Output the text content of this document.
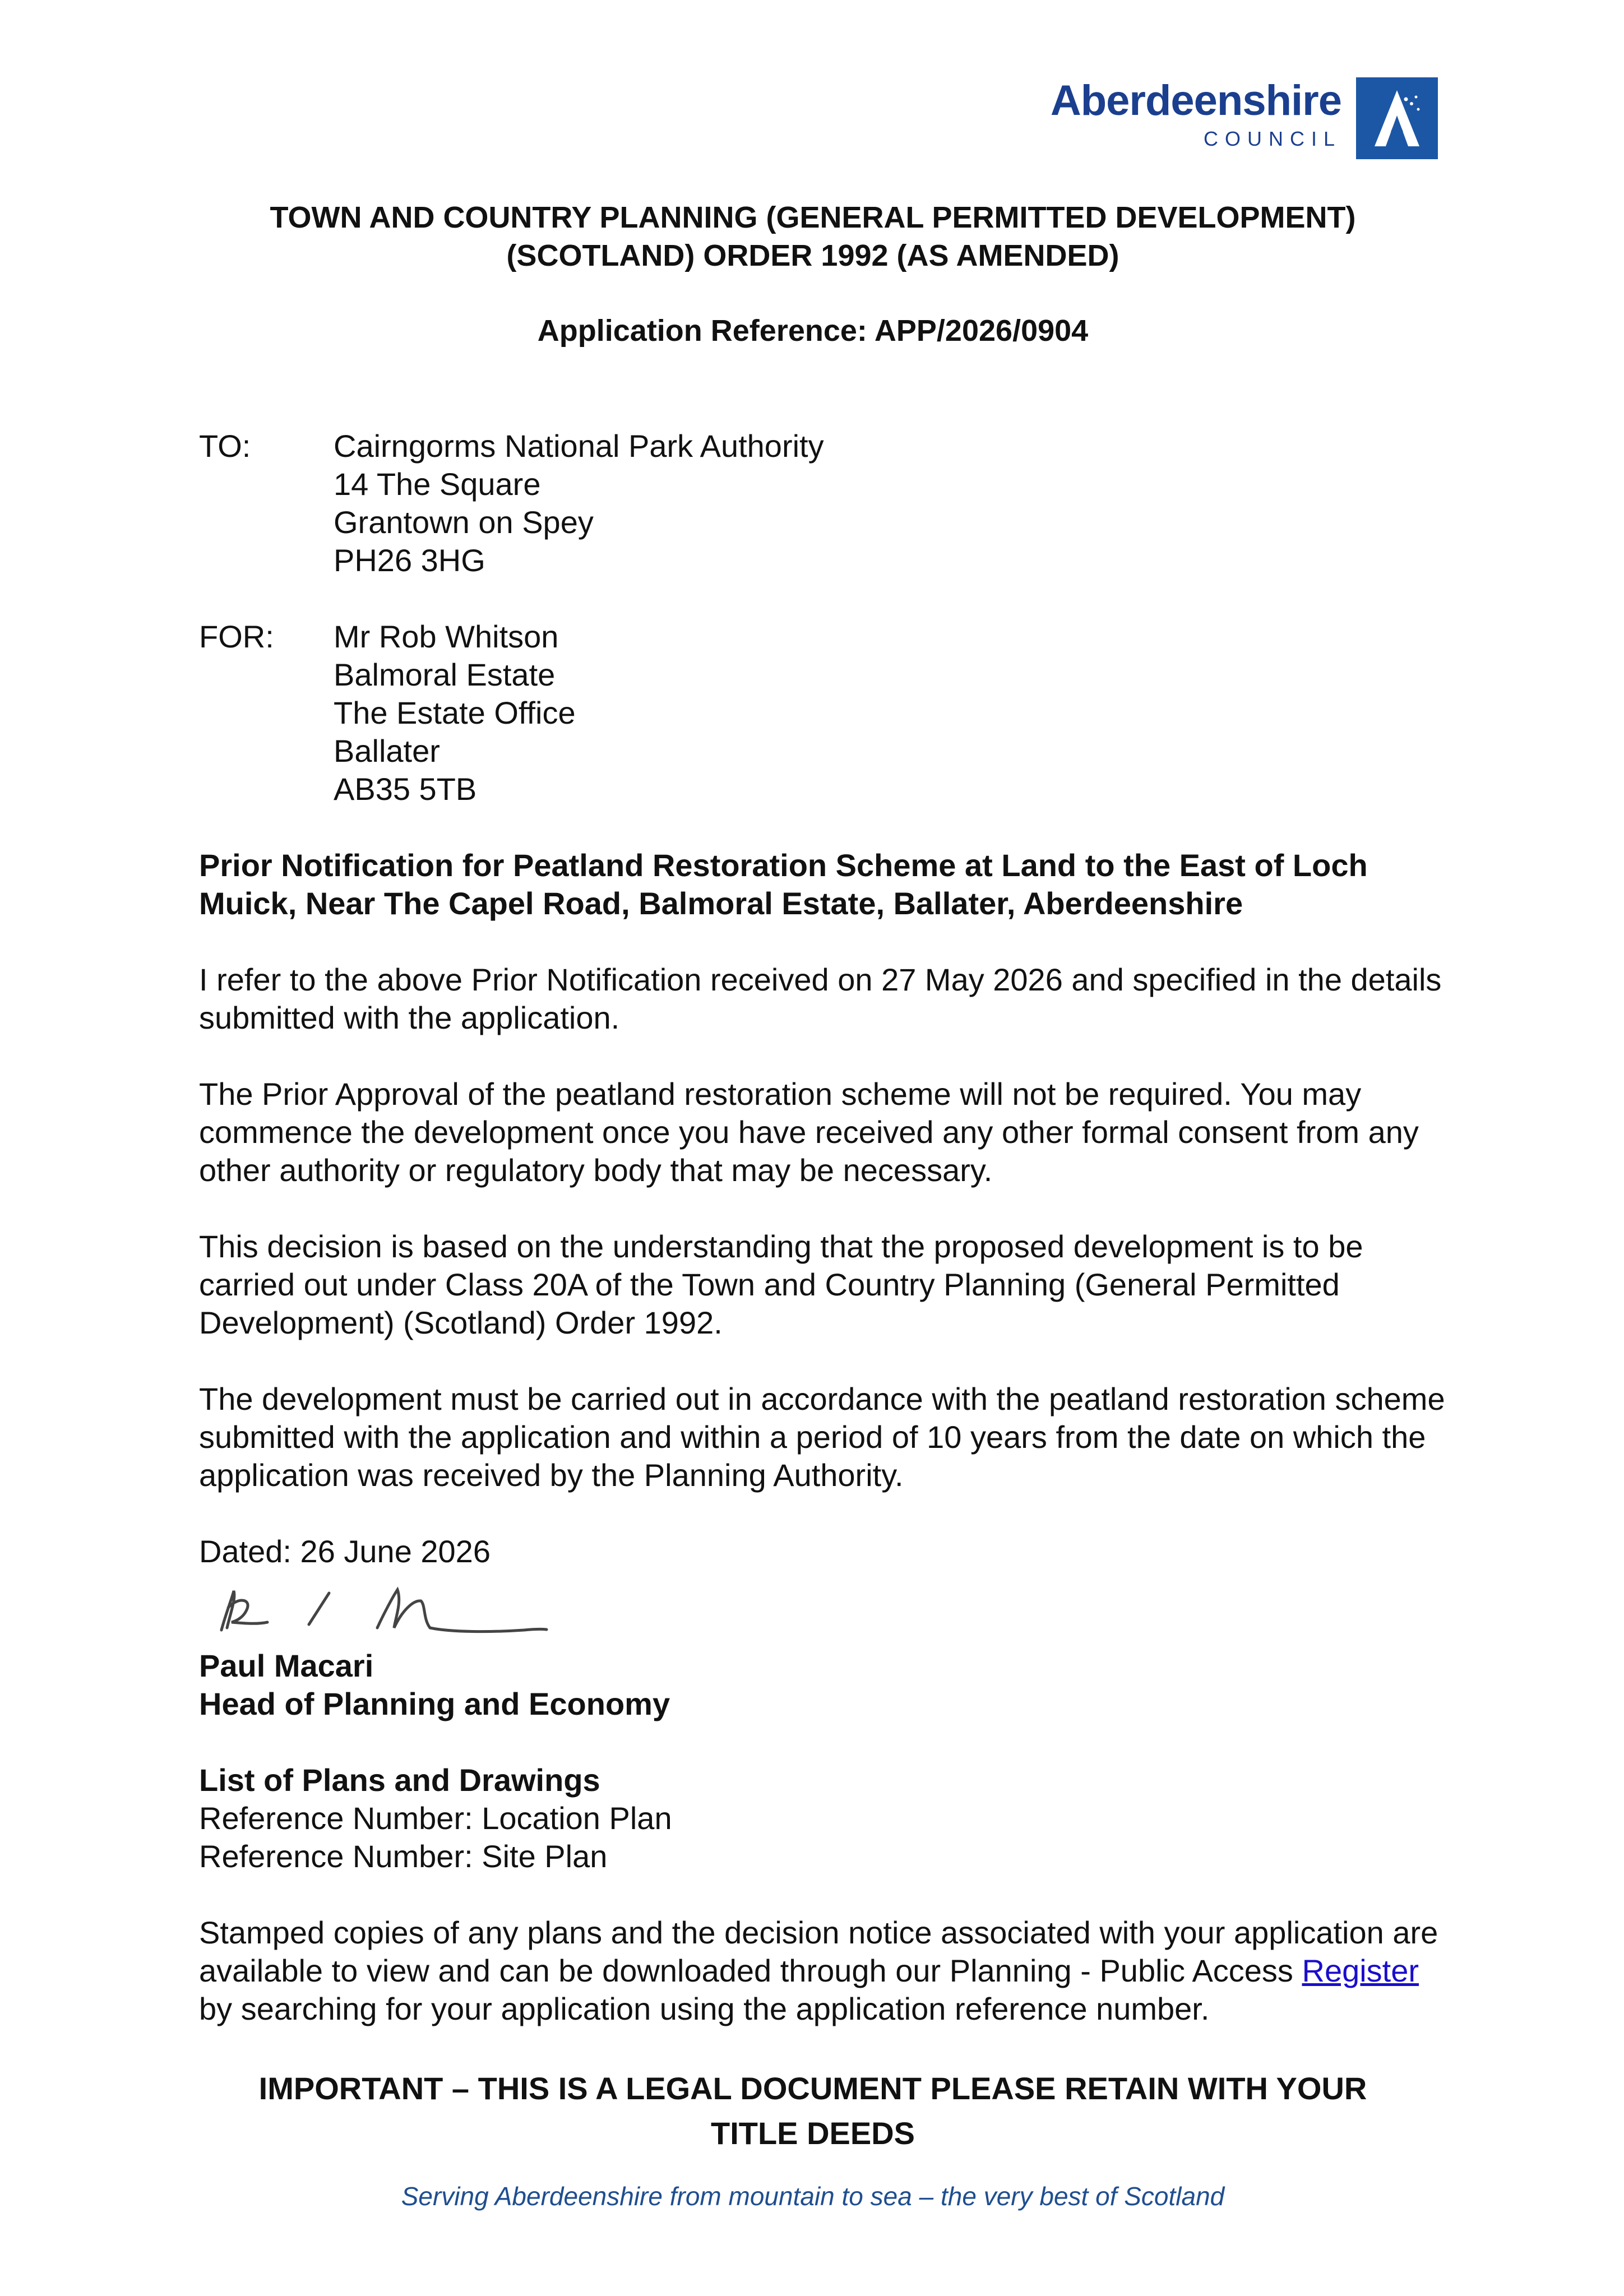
Aberdeenshire
COUNCIL
TOWN AND COUNTRY PLANNING (GENERAL PERMITTED DEVELOPMENT)
(SCOTLAND) ORDER 1992 (AS AMENDED)
Application Reference: APP/2026/0904
TO:	Cairngorms National Park Authority
14 The Square
Grantown on Spey
PH26 3HG
FOR:	Mr Rob Whitson
Balmoral Estate
The Estate Office
Ballater
AB35 5TB
Prior Notification for Peatland Restoration Scheme at Land to the East of Loch Muick, Near The Capel Road, Balmoral Estate, Ballater, Aberdeenshire
I refer to the above Prior Notification received on 27 May 2026 and specified in the details submitted with the application.
The Prior Approval of the peatland restoration scheme will not be required. You may commence the development once you have received any other formal consent from any other authority or regulatory body that may be necessary.
This decision is based on the understanding that the proposed development is to be carried out under Class 20A of the Town and Country Planning (General Permitted Development) (Scotland) Order 1992.
The development must be carried out in accordance with the peatland restoration scheme submitted with the application and within a period of 10 years from the date on which the application was received by the Planning Authority.
Dated: 26 June 2026
Paul Macari
Head of Planning and Economy
List of Plans and Drawings
Reference Number: Location Plan
Reference Number: Site Plan
Stamped copies of any plans and the decision notice associated with your application are available to view and can be downloaded through our Planning - Public Access Register by searching for your application using the application reference number.
IMPORTANT – THIS IS A LEGAL DOCUMENT PLEASE RETAIN WITH YOUR
TITLE DEEDS
Serving Aberdeenshire from mountain to sea – the very best of Scotland
